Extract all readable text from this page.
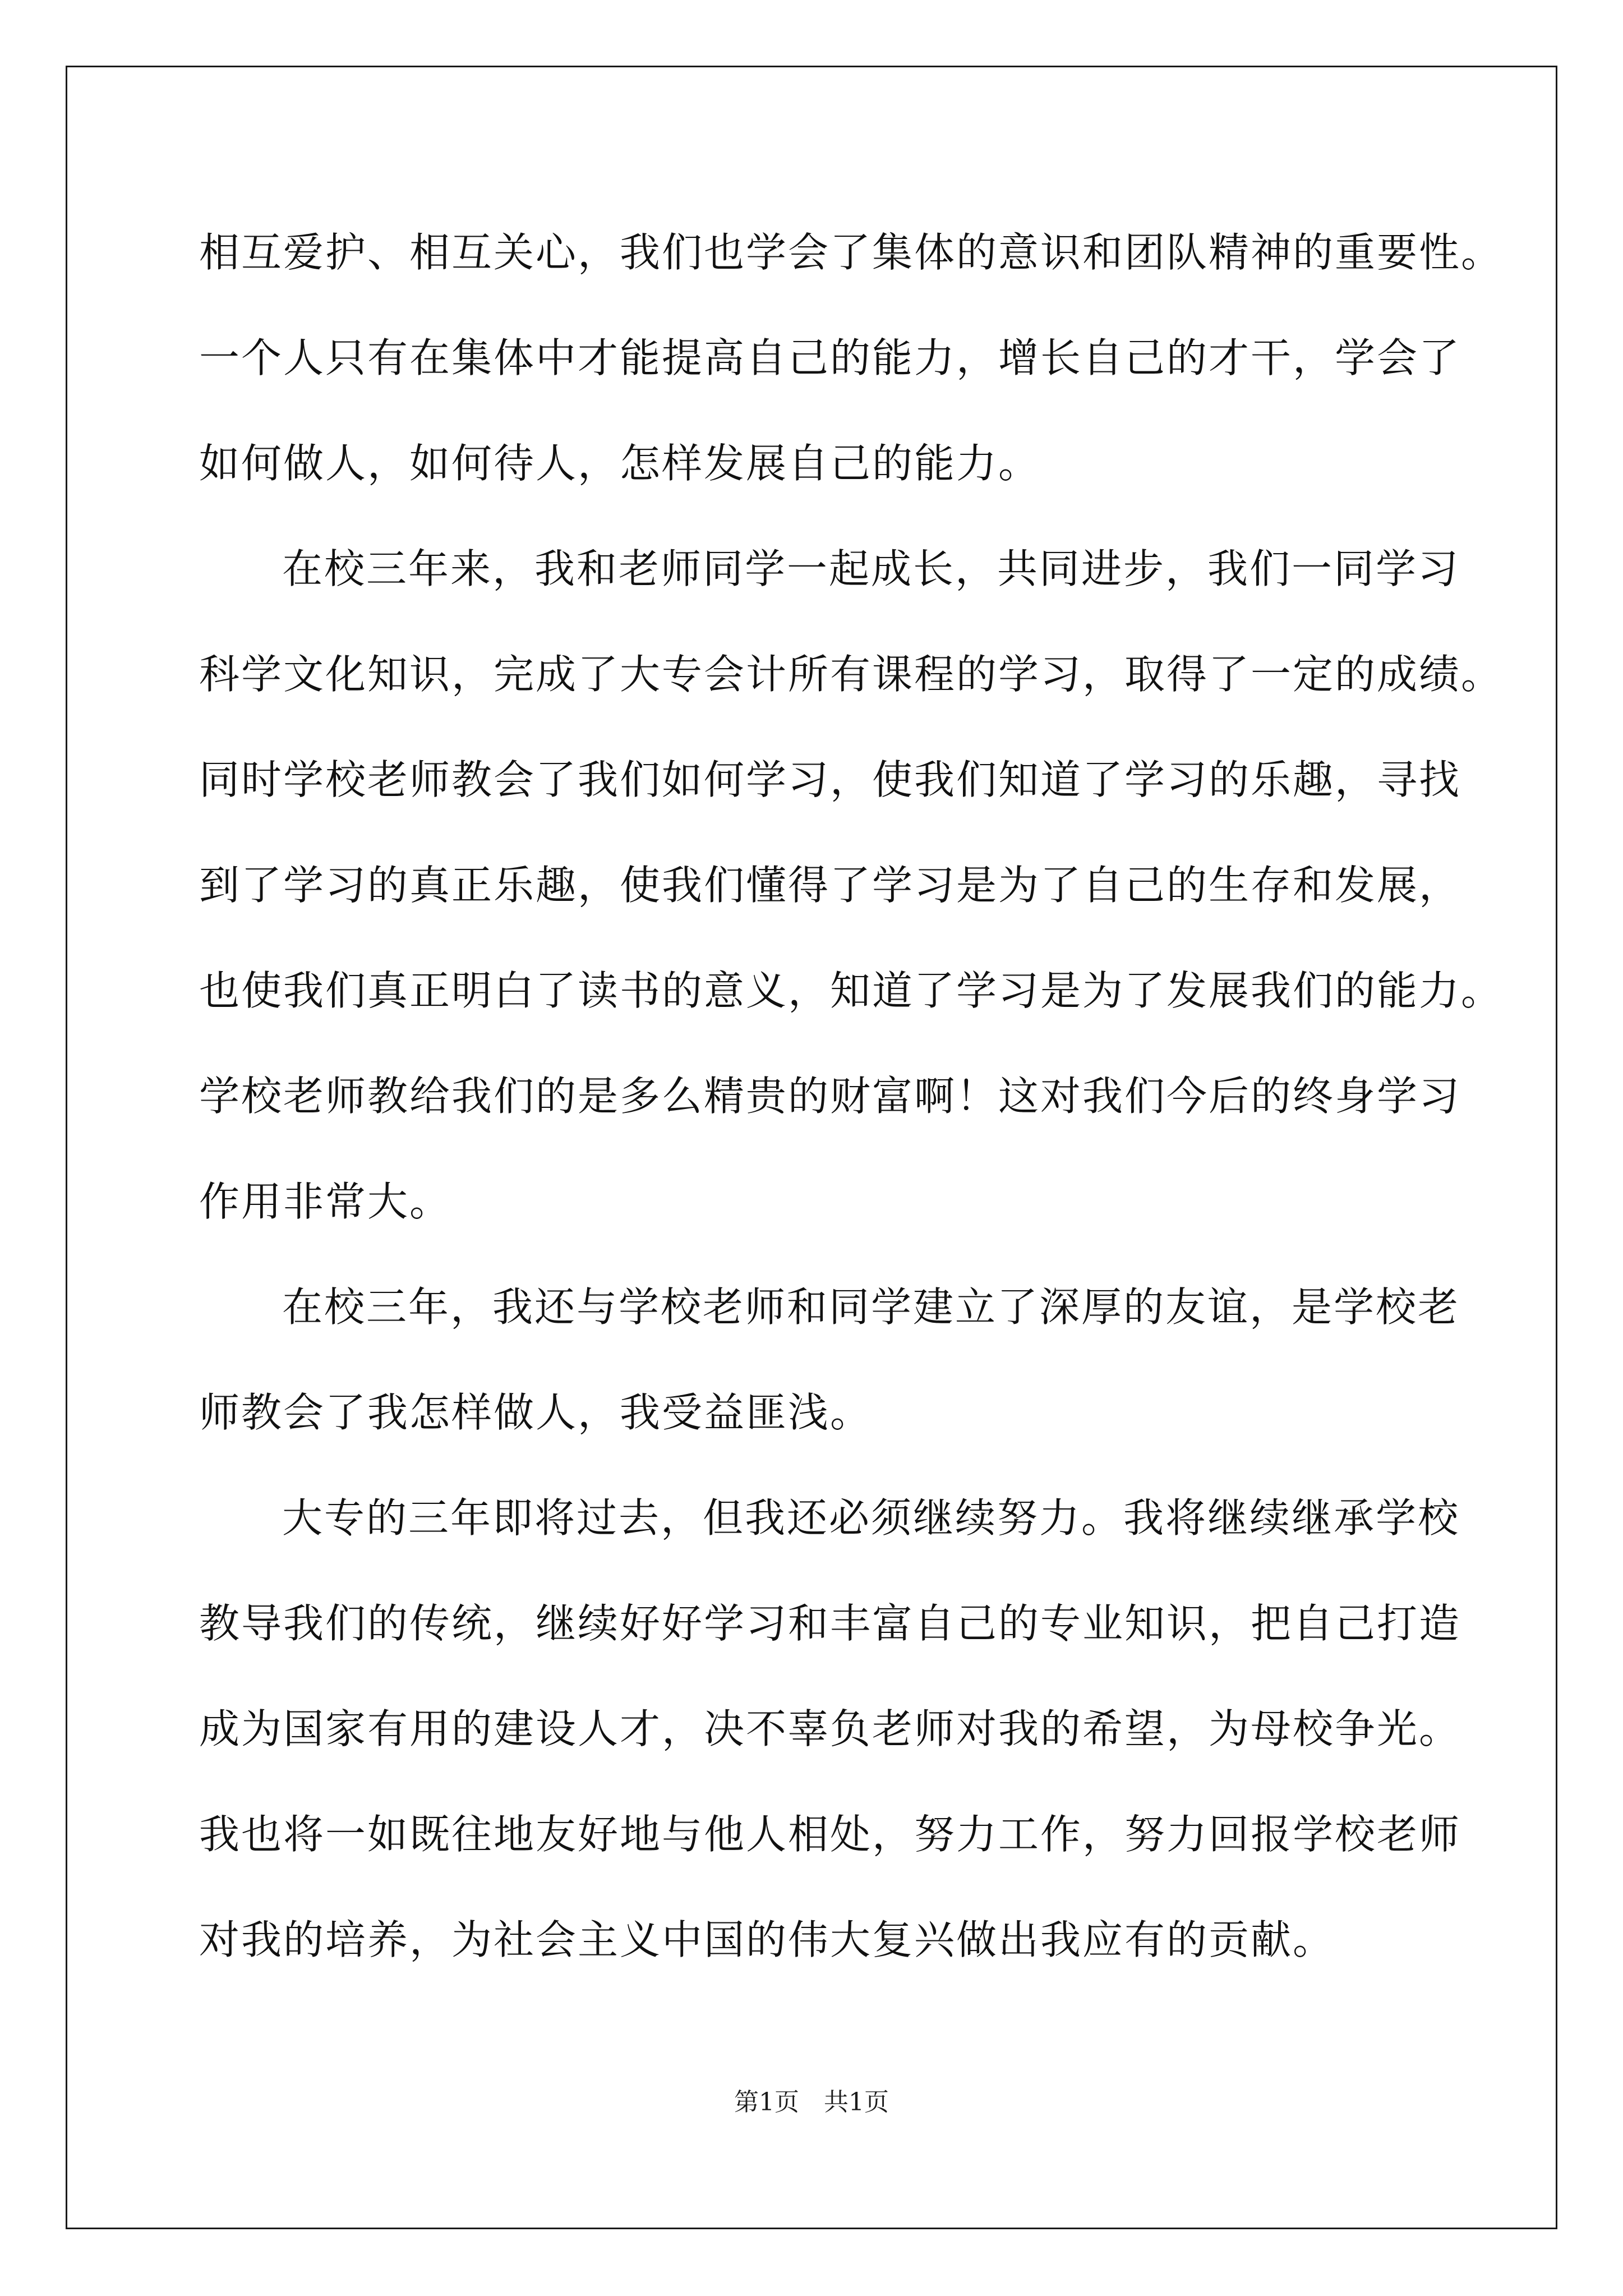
相互爱护、相互关心，我们也学会了集体的意识和团队精神的重要性。
一个人只有在集体中才能提高自己的能力，增长自己的才干，学会了
如何做人，如何待人，怎样发展自己的能力。
在校三年来，我和老师同学一起成长，共同进步，我们一同学习
科学文化知识，完成了大专会计所有课程的学习，取得了一定的成绩。
同时学校老师教会了我们如何学习，使我们知道了学习的乐趣，寻找
到了学习的真正乐趣，使我们懂得了学习是为了自己的生存和发展，
也使我们真正明白了读书的意义，知道了学习是为了发展我们的能力。
学校老师教给我们的是多么精贵的财富啊！这对我们今后的终身学习
作用非常大。
在校三年，我还与学校老师和同学建立了深厚的友谊，是学校老
师教会了我怎样做人，我受益匪浅。
大专的三年即将过去，但我还必须继续努力。我将继续继承学校
教导我们的传统，继续好好学习和丰富自己的专业知识，把自己打造
成为国家有用的建设人才，决不辜负老师对我的希望，为母校争光。
我也将一如既往地友好地与他人相处，努力工作，努力回报学校老师
对我的培养，为社会主义中国的伟大复兴做出我应有的贡献。
第1页 共1页
